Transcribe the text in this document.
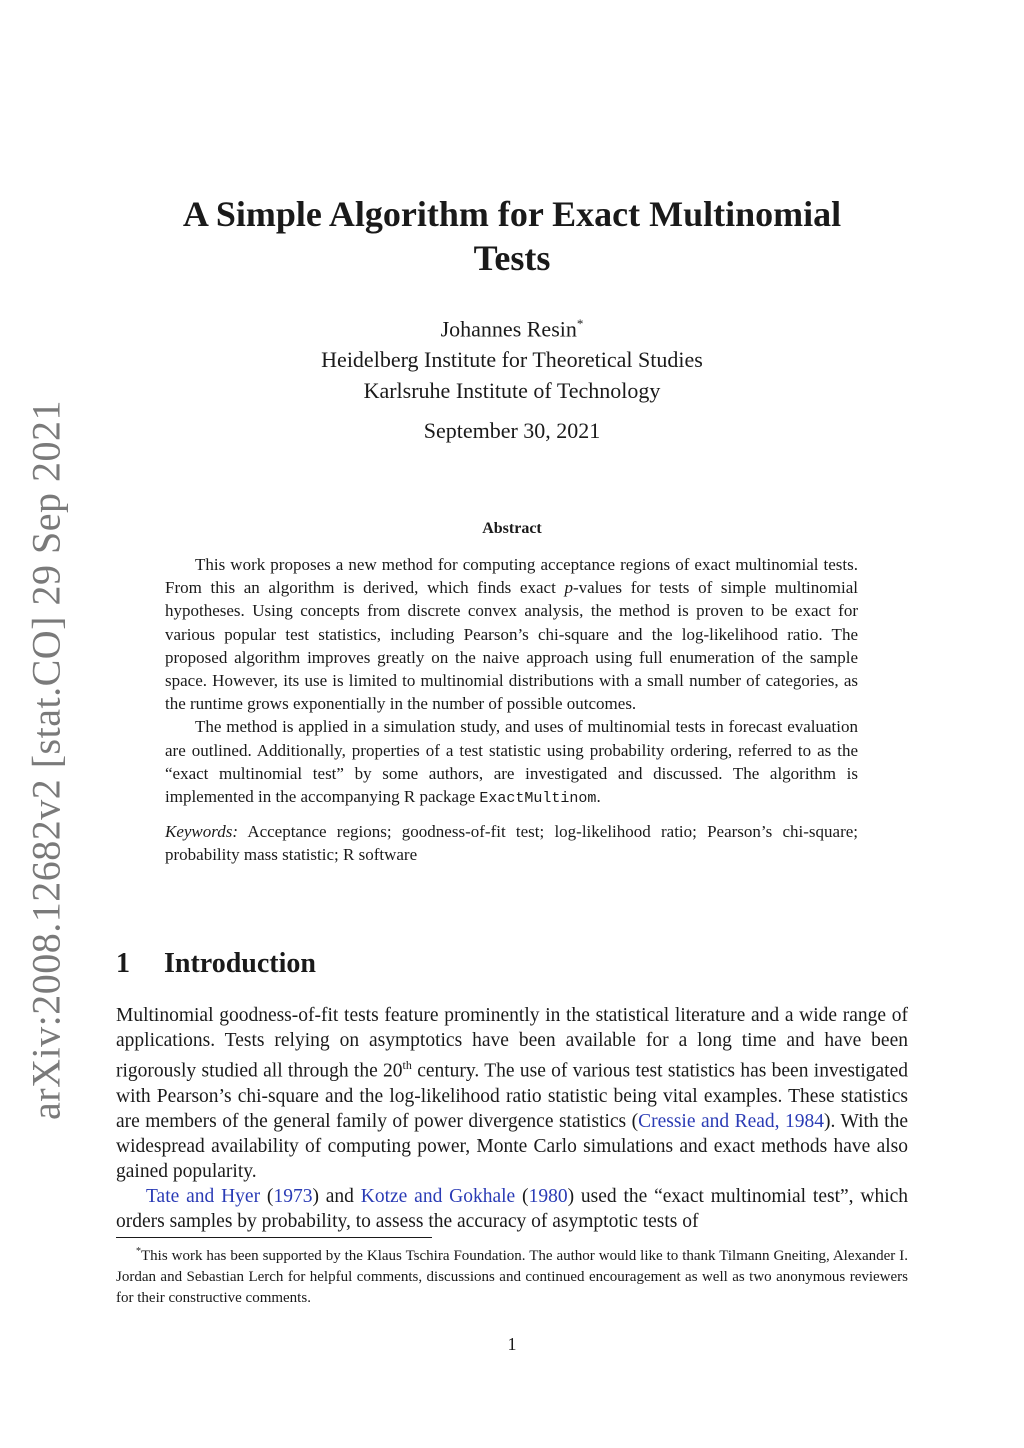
arXiv:2008.12682v2 [stat.CO] 29 Sep 2021
A Simple Algorithm for Exact Multinomial
Tests
Johannes Resin*
Heidelberg Institute for Theoretical Studies
Karlsruhe Institute of Technology
September 30, 2021
Abstract

This work proposes a new method for computing acceptance regions of exact multinomial tests. From this an algorithm is derived, which finds exact p-values for tests of simple multinomial hypotheses. Using concepts from discrete convex analysis, the method is proven to be exact for various popular test statistics, including Pearson’s chi-square and the log-likelihood ratio. The proposed algorithm improves greatly on the naive approach using full enumeration of the sample space. However, its use is limited to multinomial distributions with a small number of categories, as the runtime grows exponentially in the number of possible outcomes.

The method is applied in a simulation study, and uses of multinomial tests in forecast evaluation are outlined. Additionally, properties of a test statistic using probability ordering, referred to as the “exact multinomial test” by some authors, are investigated and discussed. The algorithm is implemented in the accompanying R package ExactMultinom.

Keywords: Acceptance regions; goodness-of-fit test; log-likelihood ratio; Pearson’s chi-square; probability mass statistic; R software

1 Introduction

Multinomial goodness-of-fit tests feature prominently in the statistical literature and a wide range of applications. Tests relying on asymptotics have been available for a long time and have been rigorously studied all through the 20th century. The use of various test statistics has been investigated with Pearson’s chi-square and the log-likelihood ratio statistic being vital examples. These statistics are members of the general family of power divergence statistics (Cressie and Read, 1984). With the widespread availability of computing power, Monte Carlo simulations and exact methods have also gained popularity.

Tate and Hyer (1973) and Kotze and Gokhale (1980) used the “exact multinomial test”, which orders samples by probability, to assess the accuracy of asymptotic tests of

*This work has been supported by the Klaus Tschira Foundation. The author would like to thank Tilmann Gneiting, Alexander I. Jordan and Sebastian Lerch for helpful comments, discussions and continued encouragement as well as two anonymous reviewers for their constructive comments.
1
